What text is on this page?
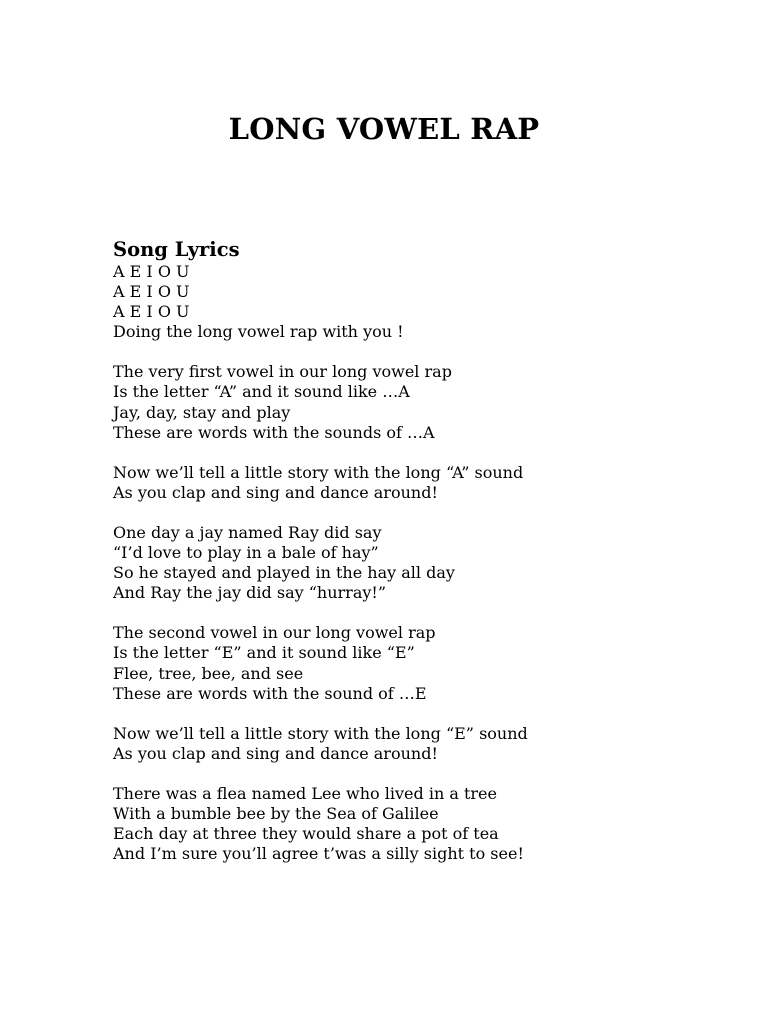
LONG VOWEL RAP
Song Lyrics
A E I O U
A E I O U
A E I O U
Doing the long vowel rap with you !
The very first vowel in our long vowel rap
Is the letter “A” and it sound like …A
Jay, day, stay and play
These are words with the sounds of …A
Now we’ll tell a little story with the long “A” sound
As you clap and sing and dance around!
One day a jay named Ray did say
“I’d love to play in a bale of hay”
So he stayed and played in the hay all day
And Ray the jay did say “hurray!”
The second vowel in our long vowel rap
Is the letter “E” and it sound like “E”
Flee, tree, bee, and see
These are words with the sound of …E
Now we’ll tell a little story with the long “E” sound
As you clap and sing and dance around!
There was a flea named Lee who lived in a tree
With a bumble bee by the Sea of Galilee
Each day at three they would share a pot of tea
And I’m sure you’ll agree t’was a silly sight to see!
